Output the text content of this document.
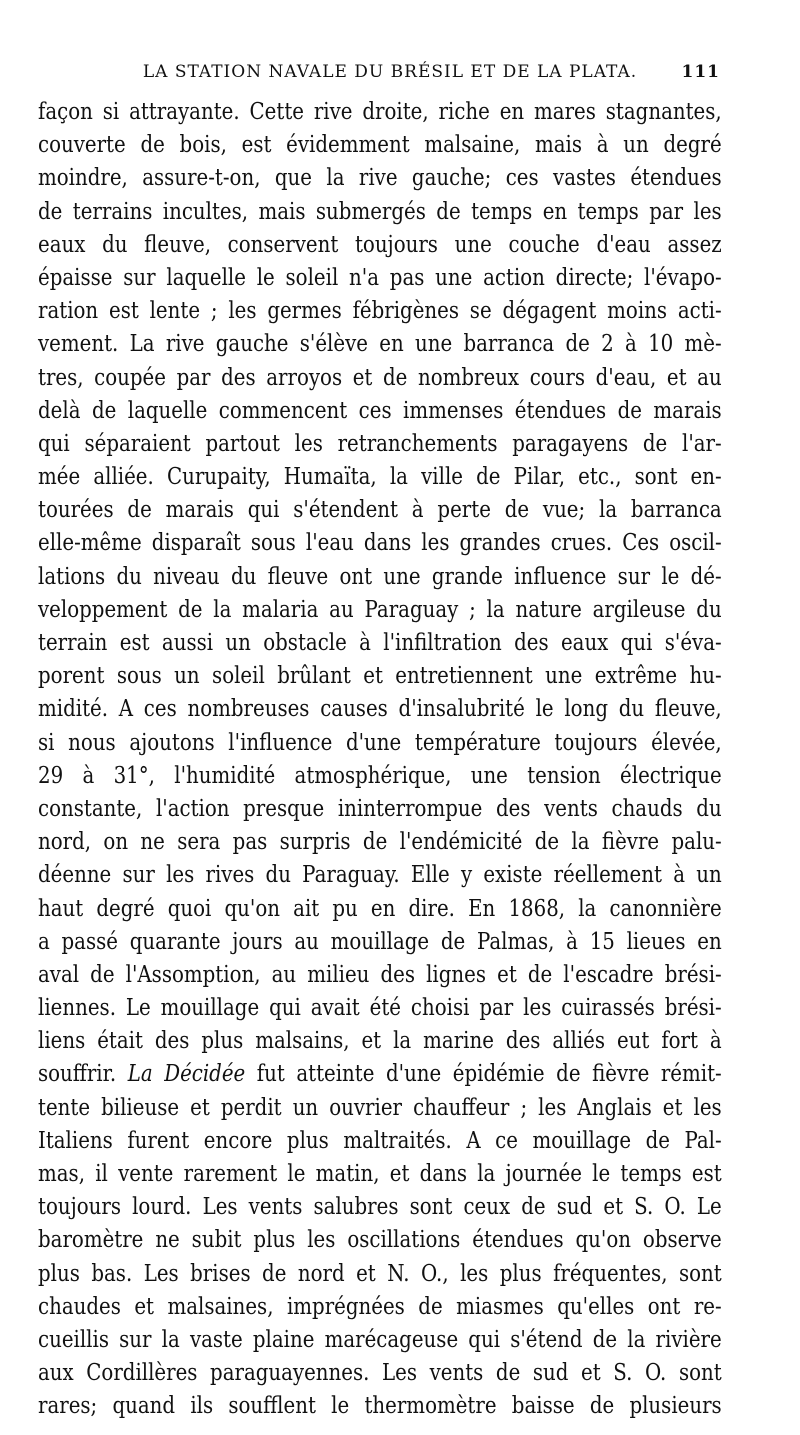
LA STATION NAVALE DU BRÉSIL ET DE LA PLATA.	111
façon si attrayante. Cette rive droite, riche en mares stagnantes,
couverte de bois, est évidemment malsaine, mais à un degré
moindre, assure-t-on, que la rive gauche; ces vastes étendues
de terrains incultes, mais submergés de temps en temps par les
eaux du fleuve, conservent toujours une couche d'eau assez
épaisse sur laquelle le soleil n'a pas une action directe; l'évapo-
ration est lente ; les germes fébrigènes se dégagent moins acti-
vement. La rive gauche s'élève en une barranca de 2 à 10 mè-
tres, coupée par des arroyos et de nombreux cours d'eau, et au
delà de laquelle commencent ces immenses étendues de marais
qui séparaient partout les retranchements paragayens de l'ar-
mée alliée. Curupaity, Humaïta, la ville de Pilar, etc., sont en-
tourées de marais qui s'étendent à perte de vue; la barranca
elle-même disparaît sous l'eau dans les grandes crues. Ces oscil-
lations du niveau du fleuve ont une grande influence sur le dé-
veloppement de la malaria au Paraguay ; la nature argileuse du
terrain est aussi un obstacle à l'infiltration des eaux qui s'éva-
porent sous un soleil brûlant et entretiennent une extrême hu-
midité. A ces nombreuses causes d'insalubrité le long du fleuve,
si nous ajoutons l'influence d'une température toujours élevée,
29 à 31°, l'humidité atmosphérique, une tension électrique
constante, l'action presque ininterrompue des vents chauds du
nord, on ne sera pas surpris de l'endémicité de la fièvre palu-
déenne sur les rives du Paraguay. Elle y existe réellement à un
haut degré quoi qu'on ait pu en dire. En 1868, la canonnière
a passé quarante jours au mouillage de Palmas, à 15 lieues en
aval de l'Assomption, au milieu des lignes et de l'escadre brési-
liennes. Le mouillage qui avait été choisi par les cuirassés brési-
liens était des plus malsains, et la marine des alliés eut fort à
souffrir. La Décidée fut atteinte d'une épidémie de fièvre rémit-
tente bilieuse et perdit un ouvrier chauffeur ; les Anglais et les
Italiens furent encore plus maltraités. A ce mouillage de Pal-
mas, il vente rarement le matin, et dans la journée le temps est
toujours lourd. Les vents salubres sont ceux de sud et S. O. Le
baromètre ne subit plus les oscillations étendues qu'on observe
plus bas. Les brises de nord et N. O., les plus fréquentes, sont
chaudes et malsaines, imprégnées de miasmes qu'elles ont re-
cueillis sur la vaste plaine marécageuse qui s'étend de la rivière
aux Cordillères paraguayennes. Les vents de sud et S. O. sont
rares; quand ils soufflent le thermomètre baisse de plusieurs
